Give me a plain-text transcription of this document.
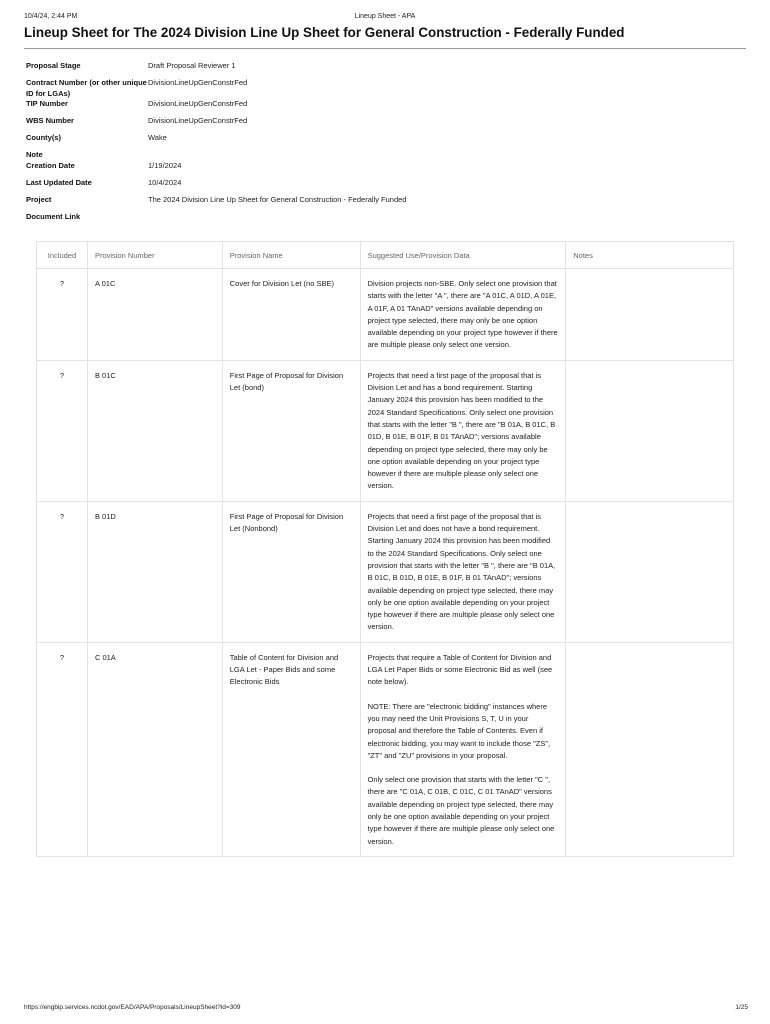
10/4/24, 2:44 PM	Lineup Sheet - APA
Lineup Sheet for The 2024 Division Line Up Sheet for General Construction - Federally Funded
Proposal Stage	Draft Proposal Reviewer 1
Contract Number (or other unique ID for LGAs)
DivisionLineUpGenConstrFed
TIP Number	DivisionLineUpGenConstrFed
WBS Number	DivisionLineUpGenConstrFed
County(s)	Wake
Note
Creation Date	1/19/2024
Last Updated Date	10/4/2024
Project	The 2024 Division Line Up Sheet for General Construction - Federally Funded
Document Link
Included	Provision Number	Provision Name	Suggested Use/Provision Data	Notes
?	A 01C	Cover for Division Let (no SBE)	Division projects non-SBE. Only select one provision that starts with the letter "A ", there are "A 01C, A 01D, A 01E, A 01F, A 01 TAnAD" versions available depending on project type selected, there may only be one option available depending on your project type however if there are multiple please only select one version.	

?	B 01C	First Page of Proposal for Division Let (bond)	Projects that need a first page of the proposal that is Division Let and has a bond requirement. Starting January 2024 this provision has been modified to the 2024 Standard Specifications. Only select one provision that starts with the letter "B ", there are "B 01A, B 01C, B 01D, B 01E, B 01F, B 01 TAnAD"; versions available depending on project type selected, there may only be one option available depending on your project type however if there are multiple please only select one version.	

?	B 01D	First Page of Proposal for Division Let (Nonbond)	Projects that need a first page of the proposal that is Division Let and does not have a bond requirement. Starting January 2024 this provision has been modified to the 2024 Standard Specifications. Only select one provision that starts with the letter "B ", there are "B 01A, B 01C, B 01D, B 01E, B 01F, B 01 TAnAD"; versions available depending on project type selected, there may only be one option available depending on your project type however if there are multiple please only select one version.	

?	C 01A	Table of Content for Division and LGA Let - Paper Bids and some Electronic Bids	Projects that require a Table of Content for Division and LGA Let Paper Bids or some Electronic Bid as well (see note below).
NOTE: There are "electronic bidding" instances where you may need the Unit Provisions S, T, U in your proposal and therefore the Table of Contents. Even if electronic bidding, you may want to include those "ZS", "ZT" and "ZU" provisions in your proposal.
Only select one provision that starts with the letter "C ", there are "C 01A, C 01B, C 01C, C 01 TAnAD" versions available depending on project type selected, there may only be one option available depending on your project type however if there are multiple please only select one version.	

https://engbip.services.ncdot.gov/EAD/APA/Proposals/LineupSheet?id=309	1/25
